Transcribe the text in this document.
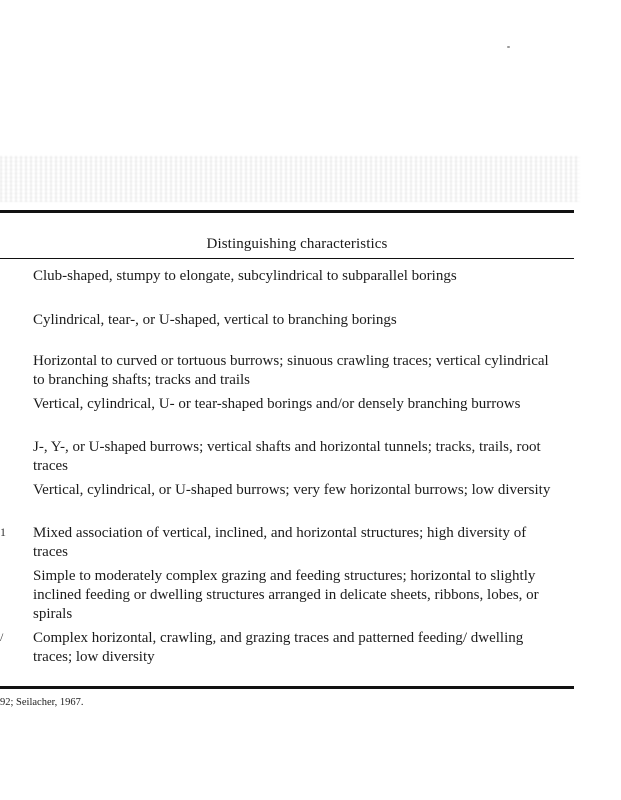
Distinguishing characteristics
Club-shaped, stumpy to elongate, subcylindrical to subparallel borings
Cylindrical, tear-, or U-shaped, vertical to branching borings
Horizontal to curved or tortuous burrows; sinuous crawling traces; vertical cylindrical to branching shafts; tracks and trails
Vertical, cylindrical, U- or tear-shaped borings and/or densely branching burrows
J-, Y-, or U-shaped burrows; vertical shafts and horizontal tunnels; tracks, trails, root traces
Vertical, cylindrical, or U-shaped burrows; very few horizontal burrows; low diversity
1 Mixed association of vertical, inclined, and horizontal structures; high diversity of traces
Simple to moderately complex grazing and feeding structures; horizontal to slightly inclined feeding or dwelling structures arranged in delicate sheets, ribbons, lobes, or spirals
/ Complex horizontal, crawling, and grazing traces and patterned feeding/ dwelling traces; low diversity
92; Seilacher, 1967.
